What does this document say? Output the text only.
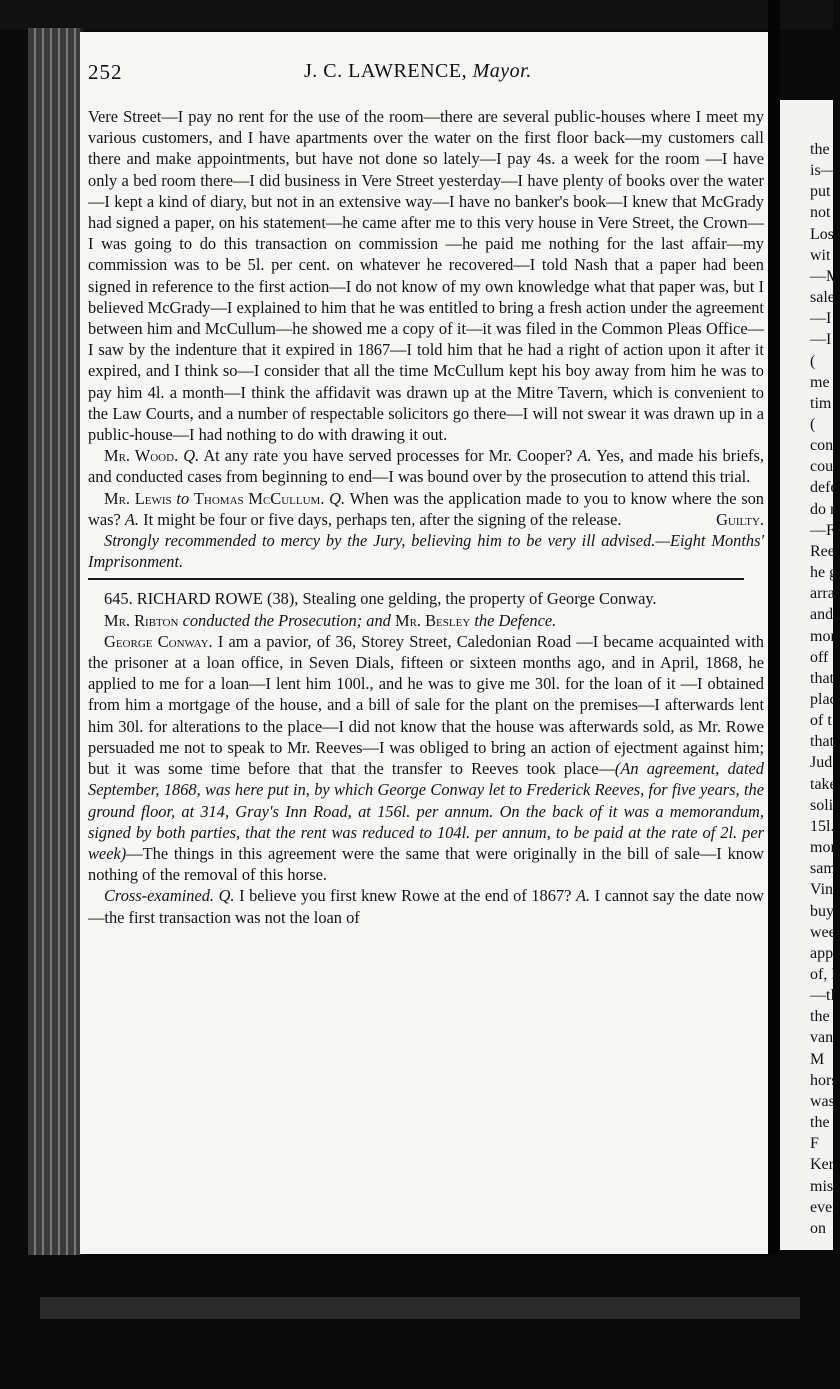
252	J. C. LAWRENCE, Mayor.

Vere Street—I pay no rent for the use of the room—there are several public-houses where I meet my various customers, and I have apartments over the water on the first floor back—my customers call there and make appointments, but have not done so lately—I pay 4s. a week for the room —I have only a bed room there—I did business in Vere Street yesterday—I have plenty of books over the water—I kept a kind of diary, but not in an extensive way—I have no banker's book—I knew that McGrady had signed a paper, on his statement—he came after me to this very house in Vere Street, the Crown—I was going to do this transaction on commission —he paid me nothing for the last affair—my commission was to be 5l. per cent. on whatever he recovered—I told Nash that a paper had been signed in reference to the first action—I do not know of my own knowledge what that paper was, but I believed McGrady—I explained to him that he was entitled to bring a fresh action under the agreement between him and McCullum—he showed me a copy of it—it was filed in the Common Pleas Office—I saw by the indenture that it expired in 1867—I told him that he had a right of action upon it after it expired, and I think so—I consider that all the time McCullum kept his boy away from him he was to pay him 4l. a month—I think the affidavit was drawn up at the Mitre Tavern, which is convenient to the Law Courts, and a number of respectable solicitors go there—I will not swear it was drawn up in a public-house—I had nothing to do with drawing it out.

Mr. Wood. Q. At any rate you have served processes for Mr. Cooper? A. Yes, and made his briefs, and conducted cases from beginning to end—I was bound over by the prosecution to attend this trial.

Mr. Lewis to Thomas McCullum. Q. When was the application made to you to know where the son was? A. It might be four or five days, perhaps ten, after the signing of the release.	Guilty.

Strongly recommended to mercy by the Jury, believing him to be very ill advised.—Eight Months' Imprisonment.

645. RICHARD ROWE (38), Stealing one gelding, the property of George Conway.

Mr. Ribton conducted the Prosecution; and Mr. Besley the Defence.

George Conway. I am a pavior, of 36, Storey Street, Caledonian Road —I became acquainted with the prisoner at a loan office, in Seven Dials, fifteen or sixteen months ago, and in April, 1868, he applied to me for a loan—I lent him 100l., and he was to give me 30l. for the loan of it —I obtained from him a mortgage of the house, and a bill of sale for the plant on the premises—I afterwards lent him 30l. for alterations to the place—I did not know that the house was afterwards sold, as Mr. Rowe persuaded me not to speak to Mr. Reeves—I was obliged to bring an action of ejectment against him; but it was some time before that that the transfer to Reeves took place—(An agreement, dated September, 1868, was here put in, by which George Conway let to Frederick Reeves, for five years, the ground floor, at 314, Gray's Inn Road, at 156l. per annum. On the back of it was a memorandum, signed by both parties, that the rent was reduced to 104l. per annum, to be paid at the rate of 2l. per week)—The things in this agreement were the same that were originally in the bill of sale—I know nothing of the removal of this horse.

Cross-examined. Q. I believe you first knew Rowe at the end of 1867? A. I cannot say the date now—the first transaction was not the loan of

the
is—
put
not
Los
wit
—M
sale
—I
—I
(
me
tim
(
con
cou
defe
do r
—F
Ree
he g
arra
and
mor
off
that
plac
of t
that
Jud
take
solic
15l.
mor
sam
Vin
buy
weel
appe
of, l
—tl
the
van
M
hors
was
the
F
Ker
misc
ever
on
